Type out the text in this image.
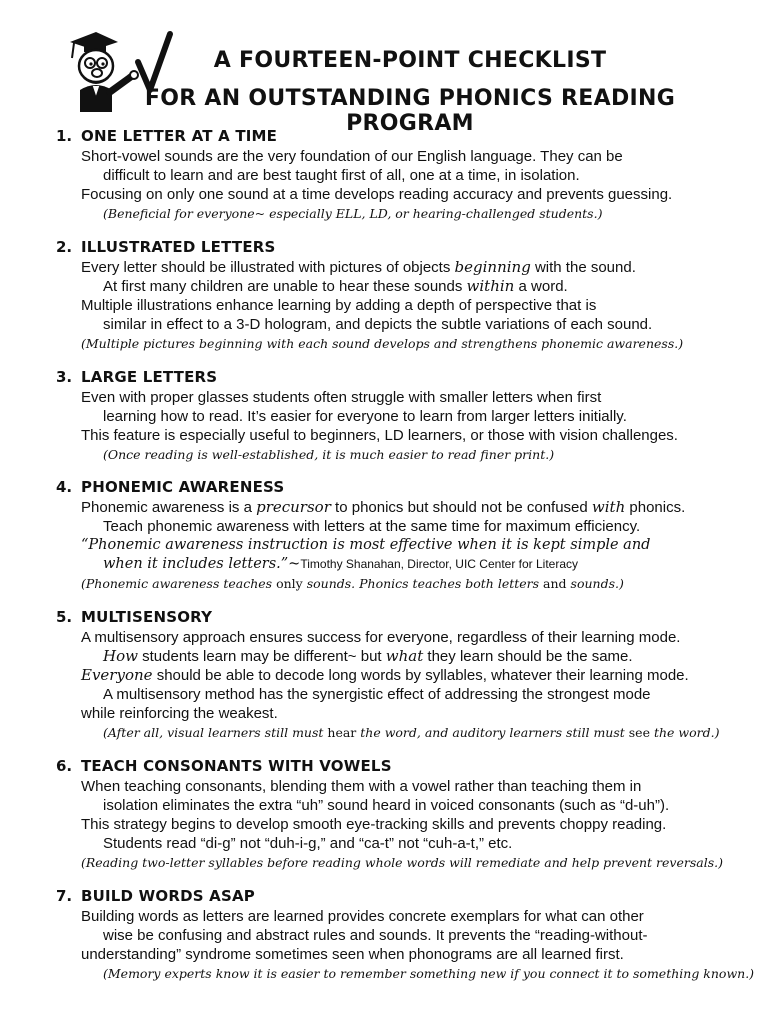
A FOURTEEN-POINT CHECKLIST
FOR AN OUTSTANDING PHONICS READING PROGRAM
1. ONE LETTER AT A TIME
Short-vowel sounds are the very foundation of our English language. They can be
difficult to learn and are best taught first of all, one at a time, in isolation.
Focusing on only one sound at a time develops reading accuracy and prevents guessing.
(Beneficial for everyone~ especially ELL, LD, or hearing-challenged students.)
2. ILLUSTRATED LETTERS
Every letter should be illustrated with pictures of objects beginning with the sound.
At first many children are unable to hear these sounds within a word.
Multiple illustrations enhance learning by adding a depth of perspective that is
similar in effect to a 3-D hologram, and depicts the subtle variations of each sound.
(Multiple pictures beginning with each sound develops and strengthens phonemic awareness.)
3. LARGE LETTERS
Even with proper glasses students often struggle with smaller letters when first
learning how to read. It’s easier for everyone to learn from larger letters initially.
This feature is especially useful to beginners, LD learners, or those with vision challenges.
(Once reading is well-established, it is much easier to read finer print.)
4. PHONEMIC AWARENESS
Phonemic awareness is a precursor to phonics but should not be confused with phonics.
Teach phonemic awareness with letters at the same time for maximum efficiency.
“Phonemic awareness instruction is most effective when it is kept simple and
when it includes letters.”~Timothy Shanahan, Director, UIC Center for Literacy
(Phonemic awareness teaches only sounds. Phonics teaches both letters and sounds.)
5. MULTISENSORY
A multisensory approach ensures success for everyone, regardless of their learning mode.
How students learn may be different~ but what they learn should be the same.
Everyone should be able to decode long words by syllables, whatever their learning mode.
A multisensory method has the synergistic effect of addressing the strongest mode
while reinforcing the weakest.
(After all, visual learners still must hear the word, and auditory learners still must see the word.)
6. TEACH CONSONANTS WITH VOWELS
When teaching consonants, blending them with a vowel rather than teaching them in
isolation eliminates the extra “uh” sound heard in voiced consonants (such as “d-uh”).
This strategy begins to develop smooth eye-tracking skills and prevents choppy reading.
Students read “di-g” not “duh-i-g,” and “ca-t” not “cuh-a-t,” etc.
(Reading two-letter syllables before reading whole words will remediate and help prevent reversals.)
7. BUILD WORDS ASAP
Building words as letters are learned provides concrete exemplars for what can other
wise be confusing and abstract rules and sounds. It prevents the “reading-without-
understanding” syndrome sometimes seen when phonograms are all learned first.
(Memory experts know it is easier to remember something new if you connect it to something known.)
